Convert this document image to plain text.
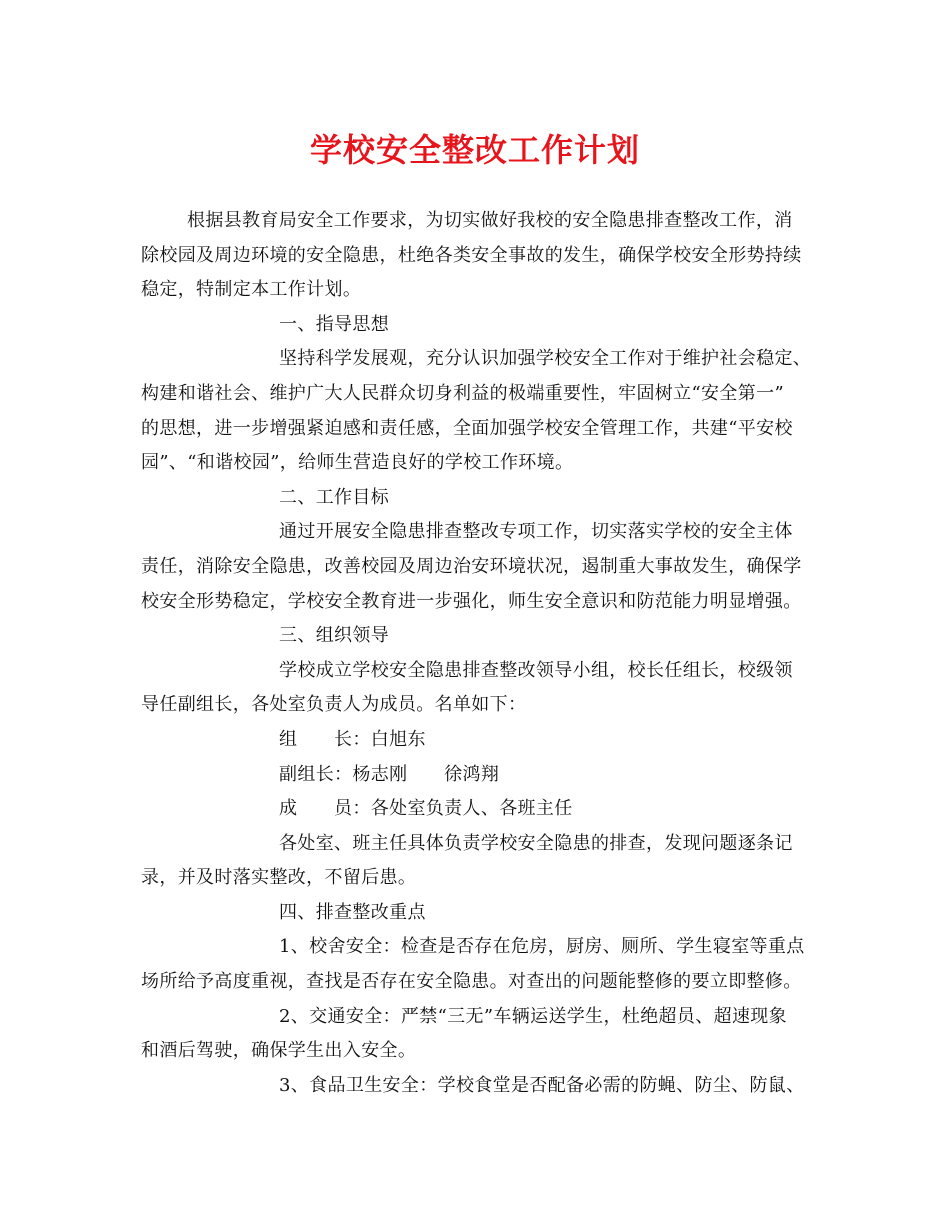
学校安全整改工作计划
根据县教育局安全工作要求，为切实做好我校的安全隐患排查整改工作，消
除校园及周边环境的安全隐患，杜绝各类安全事故的发生，确保学校安全形势持续
稳定，特制定本工作计划。
一、指导思想
坚持科学发展观，充分认识加强学校安全工作对于维护社会稳定、
构建和谐社会、维护广大人民群众切身利益的极端重要性，牢固树立“安全第一”
的思想，进一步增强紧迫感和责任感，全面加强学校安全管理工作，共建“平安校
园”、“和谐校园”，给师生营造良好的学校工作环境。
二、工作目标
通过开展安全隐患排查整改专项工作，切实落实学校的安全主体
责任，消除安全隐患，改善校园及周边治安环境状况，遏制重大事故发生，确保学
校安全形势稳定，学校安全教育进一步强化，师生安全意识和防范能力明显增强。
三、组织领导
学校成立学校安全隐患排查整改领导小组，校长任组长，校级领
导任副组长，各处室负责人为成员。名单如下：
组　　长：白旭东
副组长：杨志刚　　徐鸿翔
成　　员：各处室负责人、各班主任
各处室、班主任具体负责学校安全隐患的排查，发现问题逐条记
录，并及时落实整改，不留后患。
四、排查整改重点
1、校舍安全：检查是否存在危房，厨房、厕所、学生寝室等重点
场所给予高度重视，查找是否存在安全隐患。对查出的问题能整修的要立即整修。
2、交通安全：严禁“三无”车辆运送学生，杜绝超员、超速现象
和酒后驾驶，确保学生出入安全。
3、食品卫生安全：学校食堂是否配备必需的防蝇、防尘、防鼠、
